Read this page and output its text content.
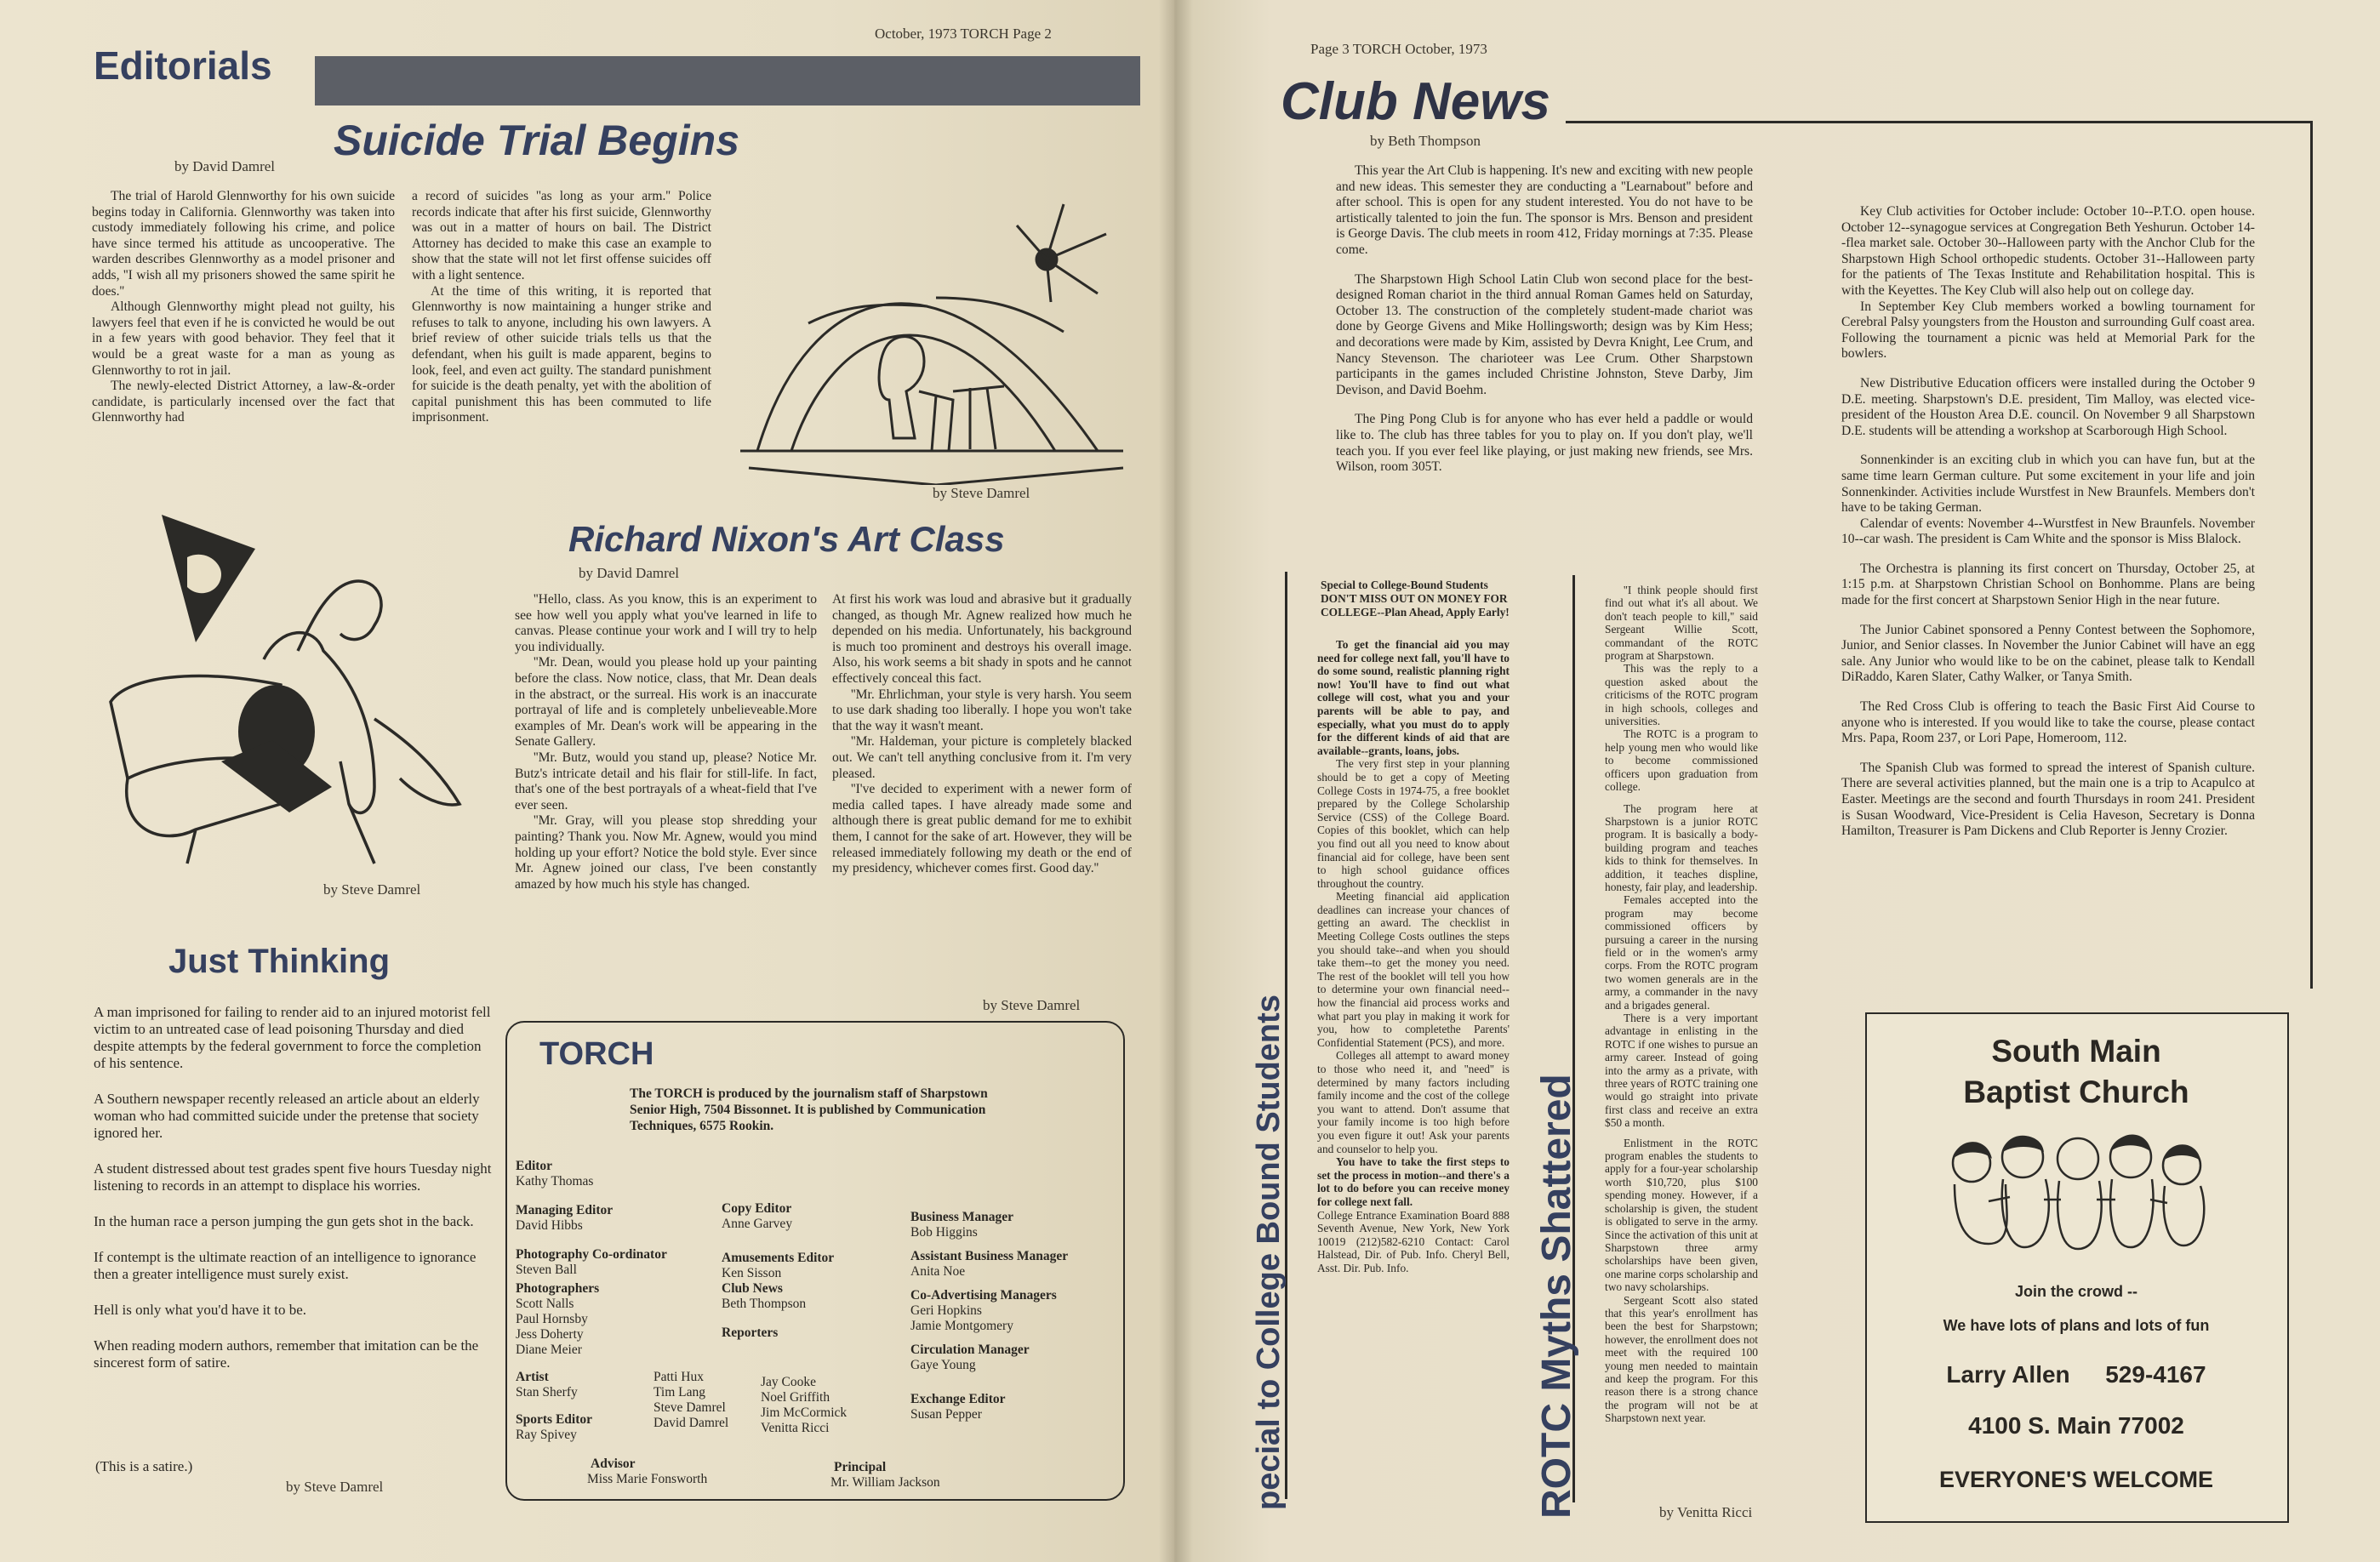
October, 1973 TORCH Page 2
Editorials
Suicide Trial Begins
by David Damrel

The trial of Harold Glennworthy for his own suicide begins today in California. Glennworthy was taken into custody immediately following his crime, and police have since termed his attitude as uncooperative. The warden describes Glennworthy as a model prisoner and adds, ''I wish all my prisoners showed the same spirit he does.''

Although Glennworthy might plead not guilty, his lawyers feel that even if he is convicted he would be out in a few years with good behavior. They feel that it would be a great waste for a man as young as Glennworthy to rot in jail.

The newly-elected District Attorney, a law-&-order candidate, is particularly incensed over the fact that Glennworthy had

a record of suicides ''as long as your arm.'' Police records indicate that after his first suicide, Glennworthy was out in a matter of hours on bail. The District Attorney has decided to make this case an example to show that the state will not let first offense suicides off with a light sentence.

At the time of this writing, it is reported that Glennworthy is now maintaining a hunger strike and refuses to talk to anyone, including his own lawyers. A brief review of other suicide trials tells us that the defendant, when his guilt is made apparent, begins to look, feel, and even act guilty. The standard punishment for suicide is the death penalty, yet with the abolition of capital punishment this has been commuted to life imprisonment.

by Steve Damrel
by Steve Damrel
Richard Nixon's Art Class
by David Damrel

''Hello, class. As you know, this is an experiment to see how well you apply what you've learned in life to canvas. Please continue your work and I will try to help you individually.

''Mr. Dean, would you please hold up your painting before the class. Now notice, class, that Mr. Dean deals in the abstract, or the surreal. His work is an inaccurate portrayal of life and is completely unbelieveable.More examples of Mr. Dean's work will be appearing in the Senate Gallery.

''Mr. Butz, would you stand up, please? Notice Mr. Butz's intricate detail and his flair for still-life. In fact, that's one of the best portrayals of a wheat-field that I've ever seen.

''Mr. Gray, will you please stop shredding your painting? Thank you. Now Mr. Agnew, would you mind holding up your effort? Notice the bold style. Ever since Mr. Agnew joined our class, I've been constantly amazed by how much his style has changed.

At first his work was loud and abrasive but it gradually changed, as though Mr. Agnew realized how much he depended on his media. Unfortunately, his background is much too prominent and destroys his overall image. Also, his work seems a bit shady in spots and he cannot effectively conceal this fact.

''Mr. Ehrlichman, your style is very harsh. You seem to use dark shading too liberally. I hope you won't take that the way it wasn't meant.

''Mr. Haldeman, your picture is completely blacked out. We can't tell anything conclusive from it. I'm very pleased.

''I've decided to experiment with a newer form of media called tapes. I have already made some and although there is great public demand for me to exhibit them, I cannot for the sake of art. However, they will be released immediately following my death or the end of my presidency, whichever comes first. Good day.''

by Steve Damrel
Just Thinking

A man imprisoned for failing to render aid to an injured motorist fell victim to an untreated case of lead poisoning Thursday and died despite attempts by the federal government to force the completion of his sentence.

A Southern newspaper recently released an article about an elderly woman who had committed suicide under the pretense that society ignored her.

A student distressed about test grades spent five hours Tuesday night listening to records in an attempt to displace his worries.

In the human race a person jumping the gun gets shot in the back.

If contempt is the ultimate reaction of an intelligence to ignorance then a greater intelligence must surely exist.

Hell is only what you'd have it to be.

When reading modern authors, remember that imitation can be the sincerest form of satire.

(This is a satire.)
by Steve Damrel
TORCH
The TORCH is produced by the journalism staff of Sharpstown Senior High, 7504 Bissonnet. It is published by Communication Techniques, 6575 Rookin.
Editor
Kathy Thomas
Managing Editor
David Hibbs
Photography Co-ordinator
Steven Ball
Photographers
Scott Nalls
Paul Hornsby
Jess Doherty
Diane Meier
Artist
Stan Sherfy
Sports Editor
Ray Spivey
Copy Editor
Anne Garvey
Amusements Editor
Ken Sisson
Club News
Beth Thompson
Reporters
Patti Hux
Tim Lang
Steve Damrel
David Damrel
Jay Cooke
Noel Griffith
Jim McCormick
Venitta Ricci
Business Manager
Bob Higgins
Assistant Business Manager
Anita Noe
Co-Advertising Managers
Geri Hopkins
Jamie Montgomery
Circulation Manager
Gaye Young
Exchange Editor
Susan Pepper
Advisor
Miss Marie Fonsworth
Principal
Mr. William Jackson
Page 3 TORCH October, 1973
Club News
by Beth Thompson

This year the Art Club is happening. It's new and exciting with new people and new ideas. This semester they are conducting a ''Learnabout'' before and after school. This is open for any student interested. You do not have to be artistically talented to join the fun. The sponsor is Mrs. Benson and president is George Davis. The club meets in room 412, Friday mornings at 7:35. Please come.

The Sharpstown High School Latin Club won second place for the best-designed Roman chariot in the third annual Roman Games held on Saturday, October 13. The construction of the completely student-made chariot was done by George Givens and Mike Hollingsworth; design was by Kim Hess; and decorations were made by Kim, assisted by Devra Knight, Lee Crum, and Nancy Stevenson. The charioteer was Lee Crum. Other Sharpstown participants in the games included Christine Johnston, Steve Darby, Jim Devison, and David Boehm.

The Ping Pong Club is for anyone who has ever held a paddle or would like to. The club has three tables for you to play on. If you don't play, we'll teach you. If you ever feel like playing, or just making new friends, see Mrs. Wilson, room 305T.

Key Club activities for October include: October 10--P.T.O. open house. October 12--synagogue services at Congregation Beth Yeshurun. October 14--flea market sale. October 30--Halloween party with the Anchor Club for the Sharpstown High School orthopedic students. October 31--Halloween party for the patients of The Texas Institute and Rehabilitation hospital. This is with the Keyettes. The Key Club will also help out on college day.

In September Key Club members worked a bowling tournament for Cerebral Palsy youngsters from the Houston and surrounding Gulf coast area. Following the tournament a picnic was held at Memorial Park for the bowlers.

New Distributive Education officers were installed during the October 9 D.E. meeting. Sharpstown's D.E. president, Tim Malloy, was elected vice-president of the Houston Area D.E. council. On November 9 all Sharpstown D.E. students will be attending a workshop at Scarborough High School.

Sonnenkinder is an exciting club in which you can have fun, but at the same time learn German culture. Put some excitement in your life and join Sonnenkinder. Activities include Wurstfest in New Braunfels. Members don't have to be taking German.

Calendar of events: November 4--Wurstfest in New Braunfels. November 10--car wash. The president is Cam White and the sponsor is Miss Blalock.

The Orchestra is planning its first concert on Thursday, October 25, at 1:15 p.m. at Sharpstown Christian School on Bonhomme. Plans are being made for the first concert at Sharpstown Senior High in the near future.

The Junior Cabinet sponsored a Penny Contest between the Sophomore, Junior, and Senior classes. In November the Junior Cabinet will have an egg sale. Any Junior who would like to be on the cabinet, please talk to Kendall DiRaddo, Karen Slater, Cathy Walker, or Tanya Smith.

The Red Cross Club is offering to teach the Basic First Aid Course to anyone who is interested. If you would like to take the course, please contact Mrs. Papa, Room 237, or Lori Pape, Homeroom, 112.

The Spanish Club was formed to spread the interest of Spanish culture. There are several activities planned, but the main one is a trip to Acapulco at Easter. Meetings are the second and fourth Thursdays in room 241. President is Susan Woodward, Vice-President is Celia Haveson, Secretary is Donna Hamilton, Treasurer is Pam Dickens and Club Reporter is Jenny Crozier.

pecial to College Bound Students
Special to College-Bound Students DON'T MISS OUT ON MONEY FOR COLLEGE--Plan Ahead, Apply Early!

To get the financial aid you may need for college next fall, you'll have to do some sound, realistic planning right now! You'll have to find out what college will cost, what you and your parents will be able to pay, and especially, what you must do to apply for the different kinds of aid that are available--grants, loans, jobs.

The very first step in your planning should be to get a copy of Meeting College Costs in 1974-75, a free booklet prepared by the College Scholarship Service (CSS) of the College Board. Copies of this booklet, which can help you find out all you need to know about financial aid for college, have been sent to high school guidance offices throughout the country.

Meeting financial aid application deadlines can increase your chances of getting an award. The checklist in Meeting College Costs outlines the steps you should take--and when you should take them--to get the money you need. The rest of the booklet will tell you how to determine your own financial need--how the financial aid process works and what part you play in making it work for you, how to completethe Parents' Confidential Statement (PCS), and more.

Colleges all attempt to award money to those who need it, and ''need'' is determined by many factors including family income and the cost of the college you want to attend. Don't assume that your family income is too high before you even figure it out! Ask your parents and counselor to help you.

You have to take the first steps to set the process in motion--and there's a lot to do before you can receive money for college next fall.

College Entrance Examination Board 888 Seventh Avenue, New York, New York 10019 (212)582-6210 Contact: Carol Halstead, Dir. of Pub. Info. Cheryl Bell, Asst. Dir. Pub. Info.	ROTC Myths Shattered

''I think people should first find out what it's all about. We don't teach people to kill,'' said Sergeant Willie Scott, commandant of the ROTC program at Sharpstown.

This was the reply to a question asked about the criticisms of the ROTC program in high schools, colleges and universities.

The ROTC is a program to help young men who would like to become commissioned officers upon graduation from college.

The program here at Sharpstown is a junior ROTC program. It is basically a body-building program and teaches kids to think for themselves. In addition, it teaches displine, honesty, fair play, and leadership.

Females accepted into the program may become commissioned officers by pursuing a career in the nursing field or in the women's army corps. From the ROTC program two women generals are in the army, a commander in the navy and a brigades general.

There is a very important advantage in enlisting in the ROTC if one wishes to pursue an army career. Instead of going into the army as a private, with three years of ROTC training one would go straight into private first class and receive an extra $50 a month.

Enlistment in the ROTC program enables the students to apply for a four-year scholarship worth $10,720, plus $100 spending money. However, if a scholarship is given, the student is obligated to serve in the army. Since the activation of this unit at Sharpstown three army scholarships have been given, one marine corps scholarship and two navy scholarships.

Sergeant Scott also stated that this year's enrollment has been the best for Sharpstown; however, the enrollment does not meet with the required 100 young men needed to maintain and keep the program. For this reason there is a strong chance the program will not be at Sharpstown next year.

by Venitta Ricci
South Main
Baptist Church
Join the crowd --
We have lots of plans and lots of fun
Larry Allen 529-4167
4100 S. Main 77002
EVERYONE'S WELCOME
